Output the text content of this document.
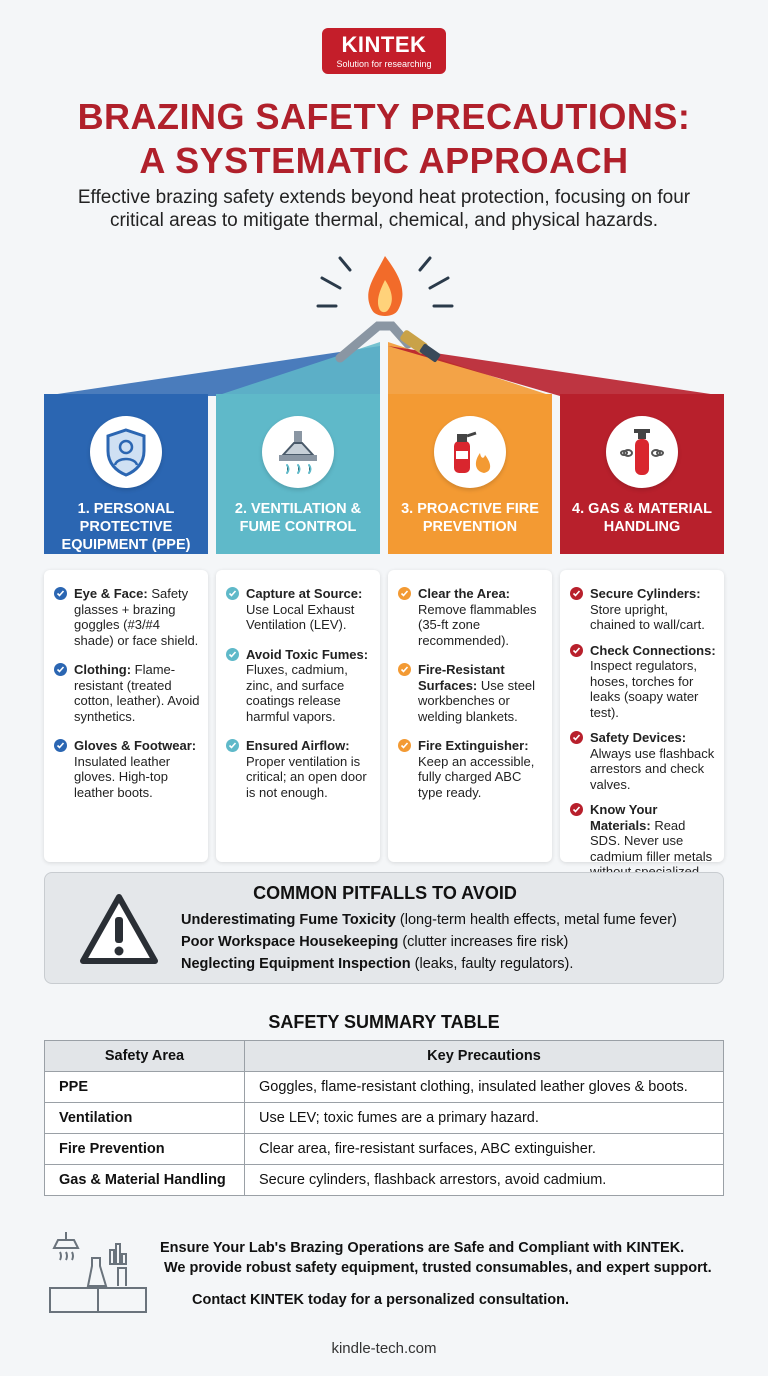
KINTEK
Solution for researching
BRAZING SAFETY PRECAUTIONS:
A SYSTEMATIC APPROACH
Effective brazing safety extends beyond heat protection, focusing on four critical areas to mitigate thermal, chemical, and physical hazards.
1. PERSONAL PROTECTIVE EQUIPMENT (PPE)
2. VENTILATION & FUME CONTROL
3. PROACTIVE FIRE PREVENTION
4. GAS & MATERIAL HANDLING
Eye & Face: Safety glasses + brazing goggles (#3/#4 shade) or face shield.
Clothing: Flame-resistant (treated cotton, leather). Avoid synthetics.
Gloves & Footwear: Insulated leather gloves. High-top leather boots.
Capture at Source: Use Local Exhaust Ventilation (LEV).
Avoid Toxic Fumes: Fluxes, cadmium, zinc, and surface coatings release harmful vapors.
Ensured Airflow: Proper ventilation is critical; an open door is not enough.
Clear the Area: Remove flammables (35-ft zone recommended).
Fire-Resistant Surfaces: Use steel workbenches or welding blankets.
Fire Extinguisher: Keep an accessible, fully charged ABC type ready.
Secure Cylinders: Store upright, chained to wall/cart.
Check Connections: Inspect regulators, hoses, torches for leaks (soapy water test).
Safety Devices: Always use flashback arrestors and check valves.
Know Your Materials: Read SDS. Never use cadmium filler metals
COMMON PITFALLS TO AVOID
Underestimating Fume Toxicity (long-term health effects, metal fume fever)
Poor Workspace Housekeeping (clutter increases fire risk)
Neglecting Equipment Inspection (leaks, faulty regulators).
SAFETY SUMMARY TABLE
Safety Area	Key Precautions
PPE	Goggles, flame-resistant clothing, insulated leather gloves & boots.
Ventilation	Use LEV; toxic fumes are a primary hazard.
Fire Prevention	Clear area, fire-resistant surfaces, ABC extinguisher.
Gas & Material Handling	Secure cylinders, flashback arrestors, avoid cadmium.
Ensure Your Lab's Brazing Operations are Safe and Compliant with KINTEK.
We provide robust safety equipment, trusted consumables, and expert support.
Contact KINTEK today for a personalized consultation.
kindle-tech.com
